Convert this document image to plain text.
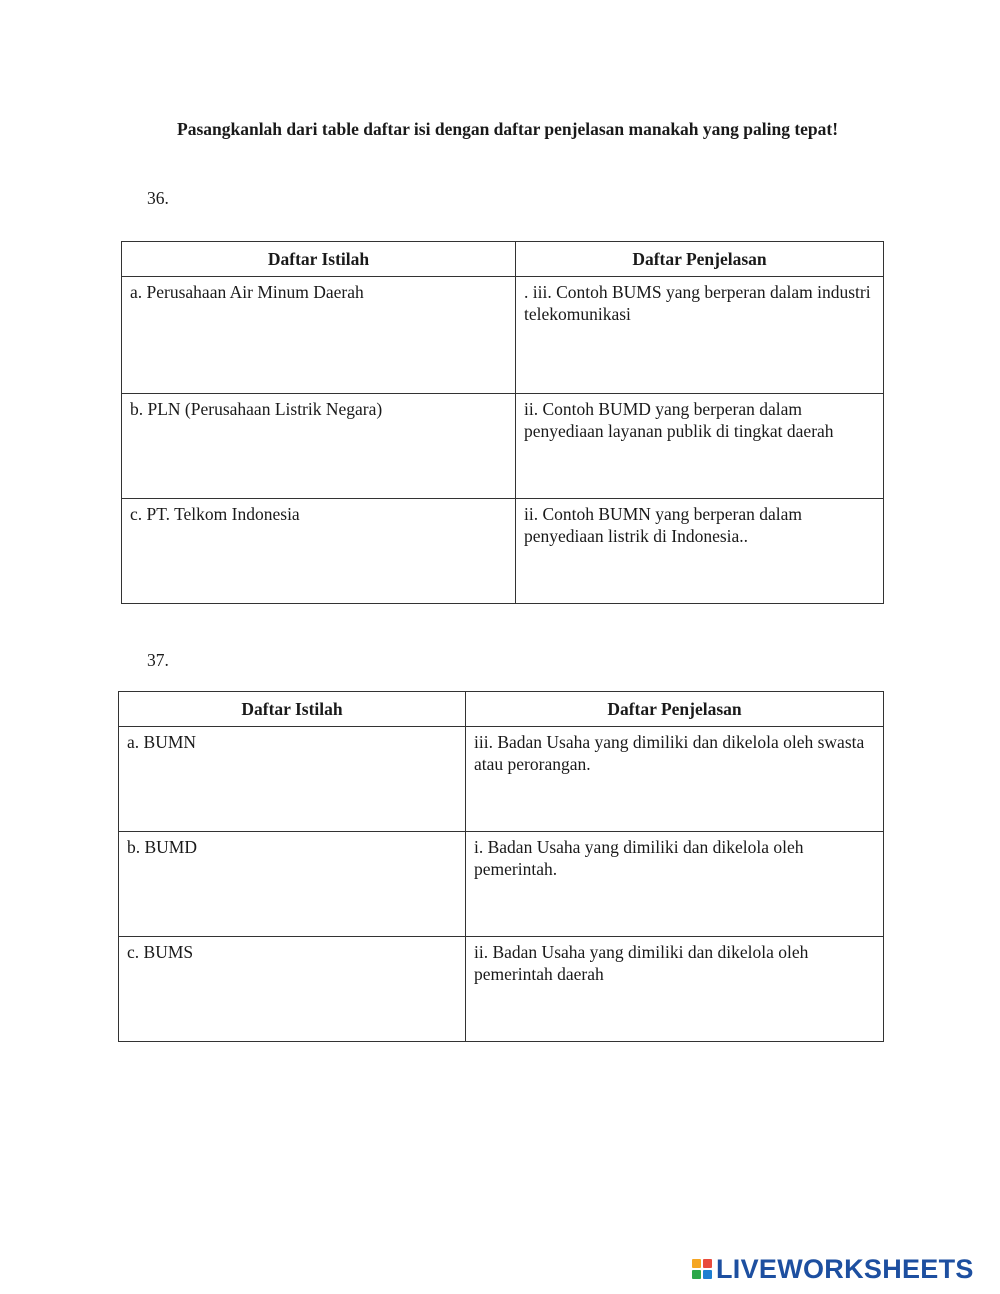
Pasangkanlah dari table daftar isi dengan daftar penjelasan manakah yang paling tepat!
36.
Daftar Istilah	Daftar Penjelasan
a. Perusahaan Air Minum Daerah	. iii. Contoh BUMS yang berperan dalam industri telekomunikasi
b. PLN (Perusahaan Listrik Negara)	ii. Contoh BUMD yang berperan dalam penyediaan layanan publik di tingkat daerah
c. PT. Telkom Indonesia	ii. Contoh BUMN yang berperan dalam penyediaan listrik di Indonesia..
37.
Daftar Istilah	Daftar Penjelasan
a. BUMN	iii. Badan Usaha yang dimiliki dan dikelola oleh swasta atau perorangan.
b. BUMD	i. Badan Usaha yang dimiliki dan dikelola oleh pemerintah.
c. BUMS	ii. Badan Usaha yang dimiliki dan dikelola oleh pemerintah daerah
LIVEWORKSHEETS
